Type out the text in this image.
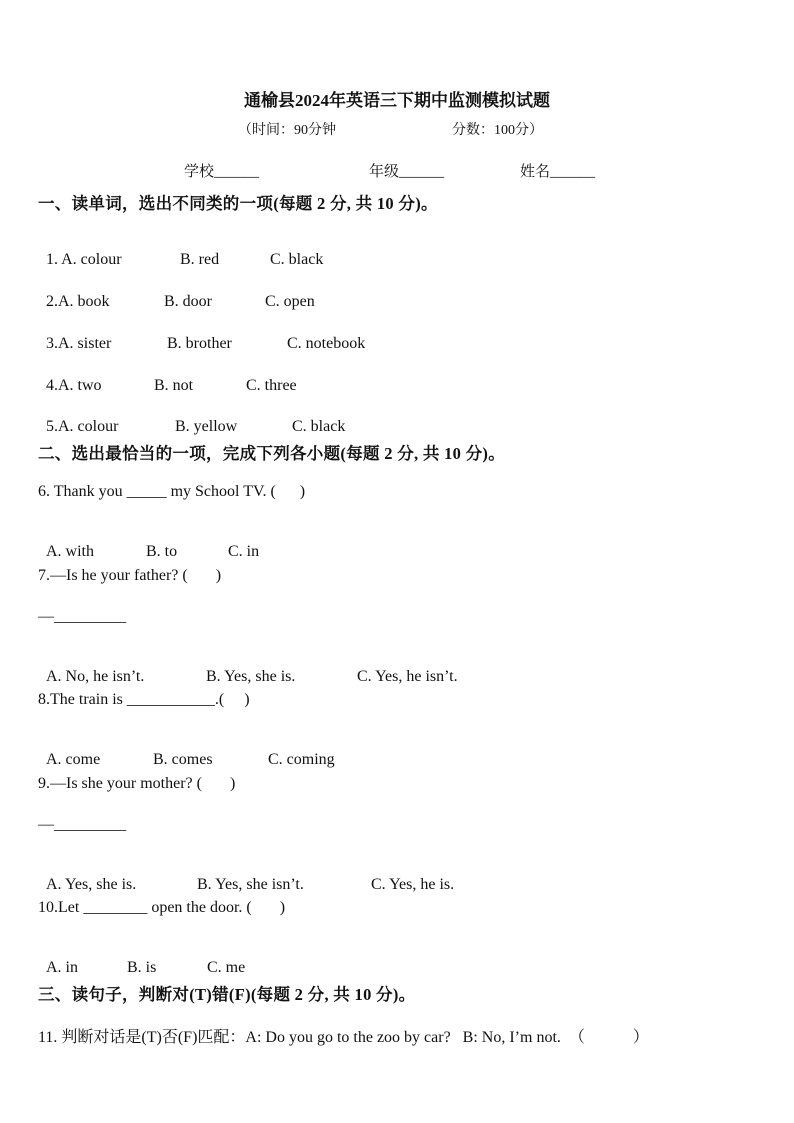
通榆县2024年英语三下期中监测模拟试题
（时间：90分钟	分数：100分）
学校______	年级______	姓名______
一、读单词，选出不同类的一项(每题 2 分, 共 10 分)。

1. A. colour	B. red	C. black

2.A. book	B. door	C. open

3.A. sister	B. brother	C. notebook

4.A. two	B. not	C. three

5.A. colour	B. yellow	C. black

二、选出最恰当的一项，完成下列各小题(每题 2 分, 共 10 分)。
6. Thank you _____ my School TV. (      )

A. with	B. to	C. in

7.—Is he your father? (       )
—_________

A. No, he isn’t.	B. Yes, she is.	C. Yes, he isn’t.

8.The train is ___________.(     )

A. come	B. comes	C. coming

9.—Is she your mother? (       )
—_________

A. Yes, she is.	B. Yes, she isn’t.	C. Yes, he is.

10.Let ________ open the door. (       )

A. in	B. is	C. me

三、读句子，判断对(T)错(F)(每题 2 分, 共 10 分)。
11. 判断对话是(T)否(F)匹配：A: Do you go to the zoo by car?   B: No, I’m not.  （            ）
